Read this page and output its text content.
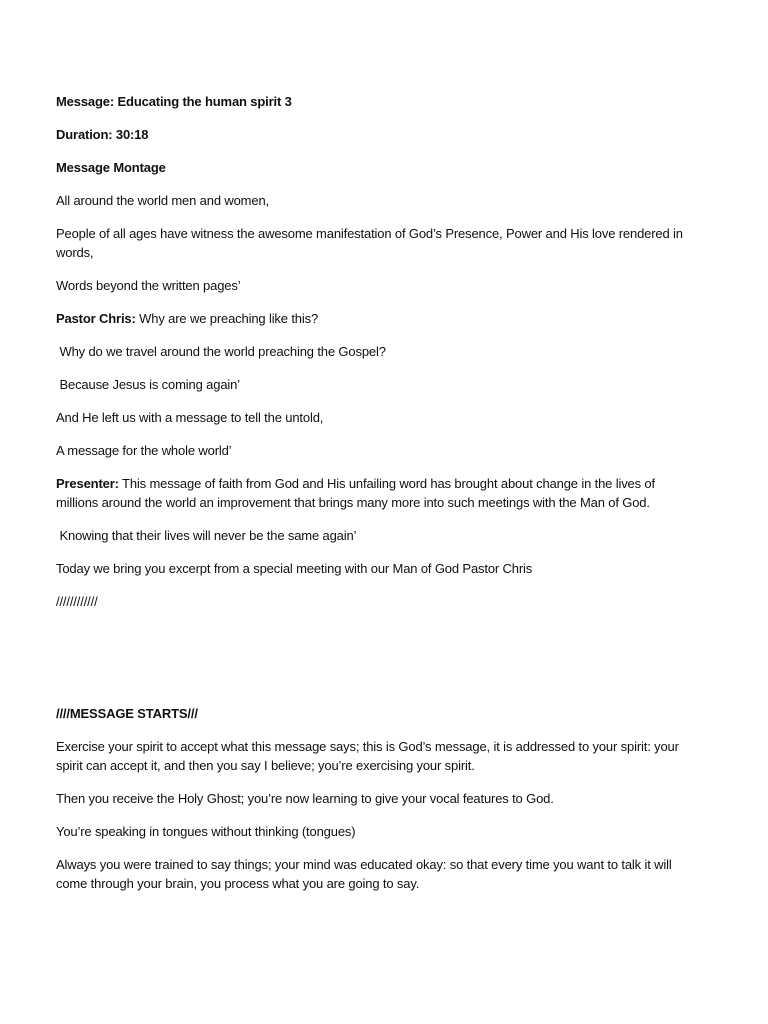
Message: Educating the human spirit 3

Duration: 30:18

Message Montage

All around the world men and women,

People of all ages have witness the awesome manifestation of God’s Presence, Power and His love rendered in words,

Words beyond the written pages’

Pastor Chris: Why are we preaching like this?

Why do we travel around the world preaching the Gospel?

Because Jesus is coming again’

And He left us with a message to tell the untold,

A message for the whole world’

Presenter: This message of faith from God and His unfailing word has brought about change in the lives of millions around the world an improvement that brings many more into such meetings with the Man of God.

Knowing that their lives will never be the same again’

Today we bring you excerpt from a special meeting with our Man of God Pastor Chris

////////////

////MESSAGE STARTS///

Exercise your spirit to accept what this message says; this is God’s message, it is addressed to your spirit: your spirit can accept it, and then you say I believe; you’re exercising your spirit.

Then you receive the Holy Ghost; you’re now learning to give your vocal features to God.

You’re speaking in tongues without thinking (tongues)

Always you were trained to say things; your mind was educated okay: so that every time you want to talk it will come through your brain, you process what you are going to say.
